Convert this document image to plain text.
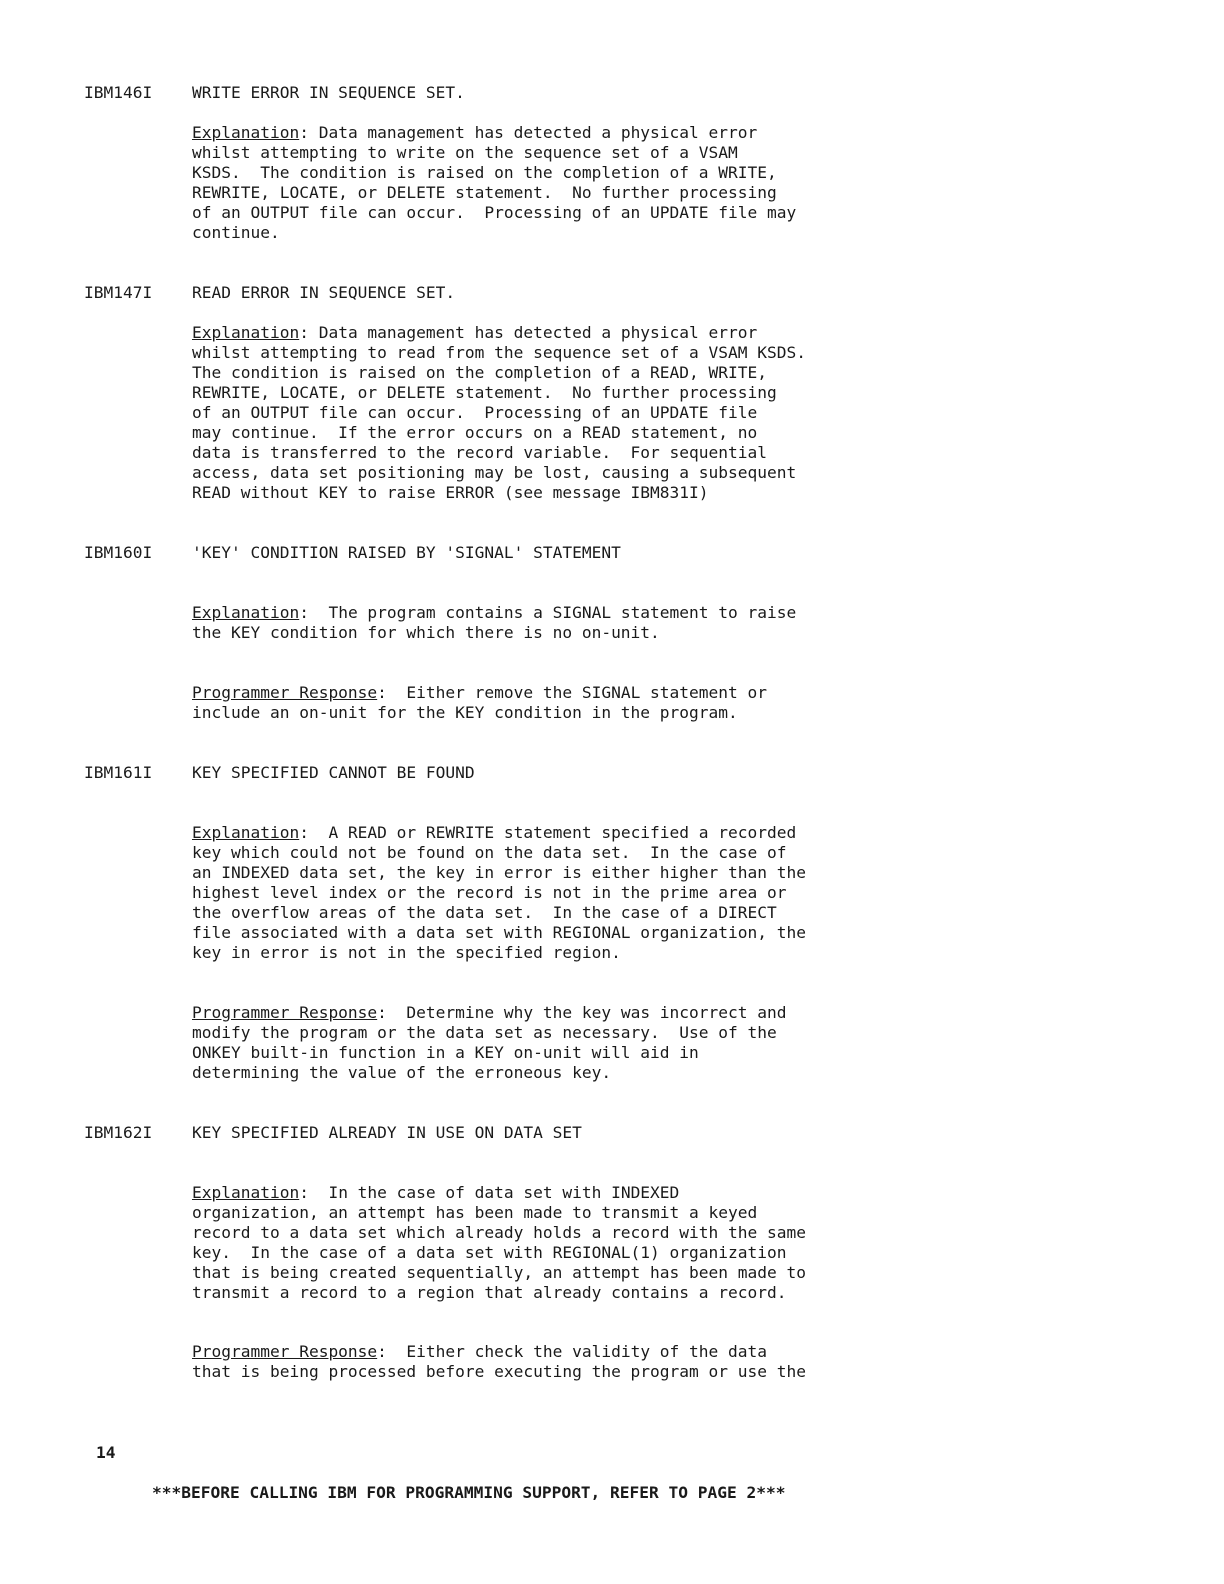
IBM146I WRITE ERROR IN SEQUENCE SET.
Explanation: Data management has detected a physical error
whilst attempting to write on the sequence set of a VSAM
KSDS.  The condition is raised on the completion of a WRITE,
REWRITE, LOCATE, or DELETE statement.  No further processing
of an OUTPUT file can occur.  Processing of an UPDATE file may
continue.
IBM147I READ ERROR IN SEQUENCE SET.
Explanation: Data management has detected a physical error
whilst attempting to read from the sequence set of a VSAM KSDS.
The condition is raised on the completion of a READ, WRITE,
REWRITE, LOCATE, or DELETE statement.  No further processing
of an OUTPUT file can occur.  Processing of an UPDATE file
may continue.  If the error occurs on a READ statement, no
data is transferred to the record variable.  For sequential
access, data set positioning may be lost, causing a subsequent
READ without KEY to raise ERROR (see message IBM831I)
IBM160I 'KEY' CONDITION RAISED BY 'SIGNAL' STATEMENT
Explanation:  The program contains a SIGNAL statement to raise
the KEY condition for which there is no on-unit.
Programmer Response:  Either remove the SIGNAL statement or
include an on-unit for the KEY condition in the program.
IBM161I KEY SPECIFIED CANNOT BE FOUND
Explanation:  A READ or REWRITE statement specified a recorded
key which could not be found on the data set.  In the case of
an INDEXED data set, the key in error is either higher than the
highest level index or the record is not in the prime area or
the overflow areas of the data set.  In the case of a DIRECT
file associated with a data set with REGIONAL organization, the
key in error is not in the specified region.
Programmer Response:  Determine why the key was incorrect and
modify the program or the data set as necessary.  Use of the
ONKEY built-in function in a KEY on-unit will aid in
determining the value of the erroneous key.
IBM162I KEY SPECIFIED ALREADY IN USE ON DATA SET
Explanation:  In the case of data set with INDEXED
organization, an attempt has been made to transmit a keyed
record to a data set which already holds a record with the same
key.  In the case of a data set with REGIONAL(1) organization
that is being created sequentially, an attempt has been made to
transmit a record to a region that already contains a record.
Programmer Response:  Either check the validity of the data
that is being processed before executing the program or use the
14
***BEFORE CALLING IBM FOR PROGRAMMING SUPPORT, REFER TO PAGE 2***
